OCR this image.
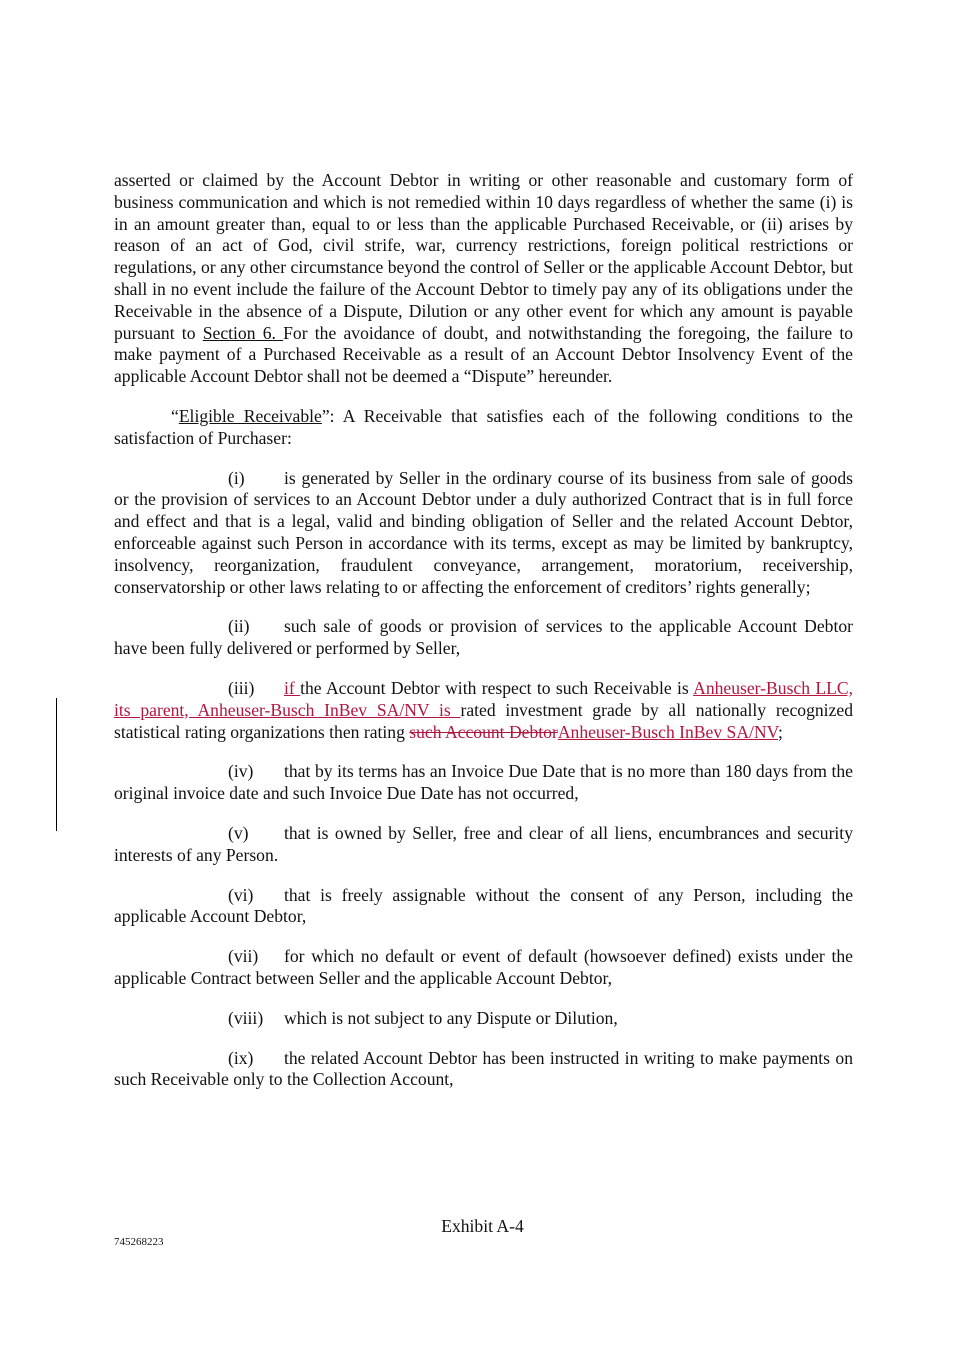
asserted or claimed by the Account Debtor in writing or other reasonable and customary form of business communication and which is not remedied within 10 days regardless of whether the same (i) is in an amount greater than, equal to or less than the applicable Purchased Receivable, or (ii) arises by reason of an act of God, civil strife, war, currency restrictions, foreign political restrictions or regulations, or any other circumstance beyond the control of Seller or the applicable Account Debtor, but shall in no event include the failure of the Account Debtor to timely pay any of its obligations under the Receivable in the absence of a Dispute, Dilution or any other event for which any amount is payable pursuant to Section 6. For the avoidance of doubt, and notwithstanding the foregoing, the failure to make payment of a Purchased Receivable as a result of an Account Debtor Insolvency Event of the applicable Account Debtor shall not be deemed a “Dispute” hereunder.

“Eligible Receivable”: A Receivable that satisfies each of the following conditions to the satisfaction of Purchaser:

(i) is generated by Seller in the ordinary course of its business from sale of goods or the provision of services to an Account Debtor under a duly authorized Contract that is in full force and effect and that is a legal, valid and binding obligation of Seller and the related Account Debtor, enforceable against such Person in accordance with its terms, except as may be limited by bankruptcy, insolvency, reorganization, fraudulent conveyance, arrangement, moratorium, receivership, conservatorship or other laws relating to or affecting the enforcement of creditors’ rights generally;

(ii) such sale of goods or provision of services to the applicable Account Debtor have been fully delivered or performed by Seller,

(iii) if the Account Debtor with respect to such Receivable is Anheuser-Busch LLC, its parent, Anheuser-Busch InBev SA/NV is rated investment grade by all nationally recognized statistical rating organizations then rating such Account DebtorAnheuser-Busch InBev SA/NV;

(iv) that by its terms has an Invoice Due Date that is no more than 180 days from the original invoice date and such Invoice Due Date has not occurred,

(v) that is owned by Seller, free and clear of all liens, encumbrances and security interests of any Person.

(vi) that is freely assignable without the consent of any Person, including the applicable Account Debtor,

(vii) for which no default or event of default (howsoever defined) exists under the applicable Contract between Seller and the applicable Account Debtor,

(viii) which is not subject to any Dispute or Dilution,

(ix) the related Account Debtor has been instructed in writing to make payments on such Receivable only to the Collection Account,

Exhibit A-4
745268223
